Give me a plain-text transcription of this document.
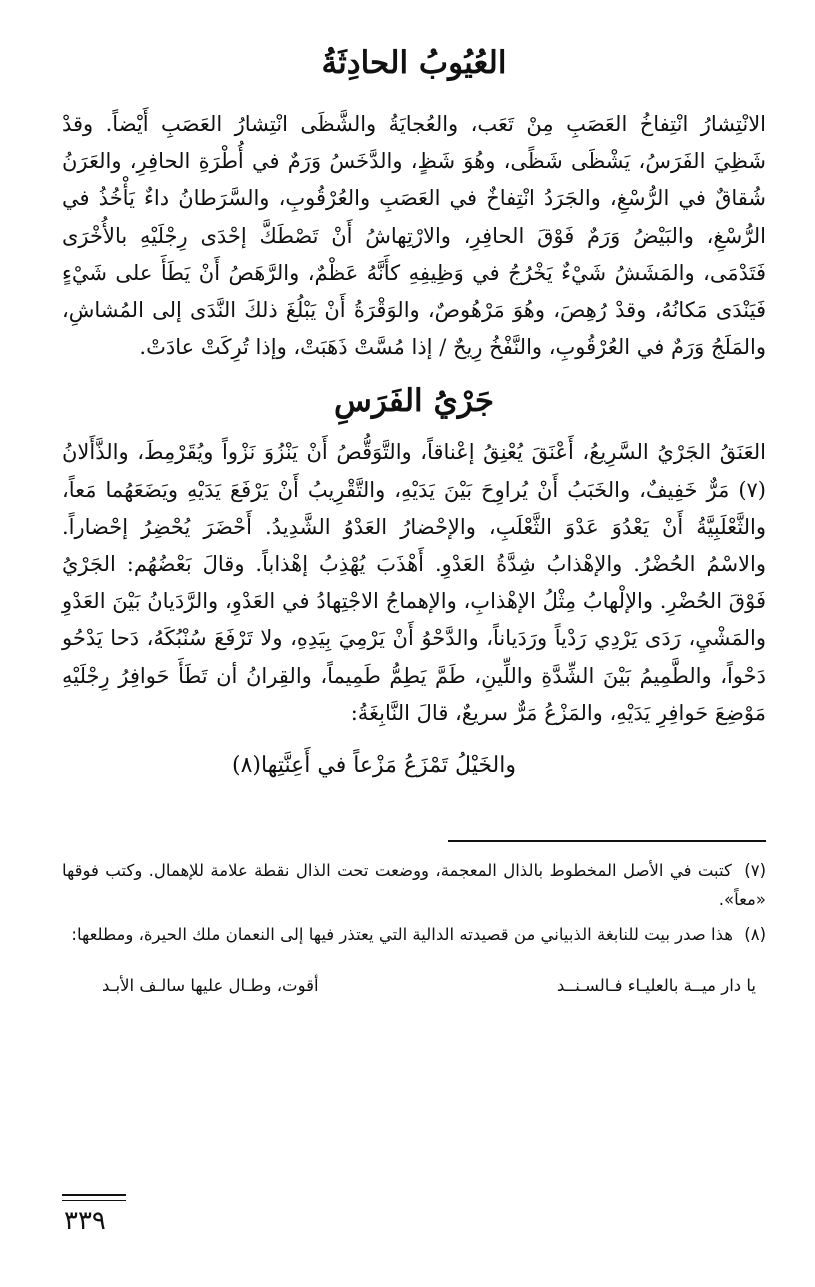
العُيُوبُ الحادِثَةُ

الانْتِشارُ انْتِفاخُ العَصَبِ مِنْ تَعَب، والعُجايَةُ والشَّظَى انْتِشارُ العَصَبِ أَيْضاً. وقدْ شَظِيَ الفَرَسُ، يَشْظَى شَظًى، وهُوَ شَظٍ، والدَّخَسُ وَرَمٌ في أُطْرَةِ الحافِرِ، والعَرَنُ شُقاقٌ في الرُّسْغِ، والجَرَدُ انْتِفاخٌ في العَصَبِ والعُرْقُوبِ، والسَّرَطانُ داءٌ يَأْخُذُ في الرُّسْغِ، والبَيْضُ وَرَمٌ فَوْقَ الحافِرِ، والارْتِهاشُ أَنْ تَصْطَكَّ إحْدَى رِجْلَيْهِ بالأُخْرَى فَتَدْمَى، والمَشَشُ شَيْءٌ يَخْرُجُ في وَظِيفِهِ كأَنَّهُ عَظْمٌ، والرَّهَصُ أَنْ يَطَأَ على شَيْءٍ فَيَنْدَى مَكانُهُ، وقدْ رُهِصَ، وهُوَ مَرْهُوصٌ، والوَقْرَةُ أَنْ يَبْلُغَ ذلكَ النَّدَى إلى المُشاشِ، والمَلَجُ وَرَمٌ في العُرْقُوبِ، والنَّفْخُ رِيحٌ / إذا مُسَّتْ ذَهَبَتْ، وإذا تُرِكَتْ عادَتْ.

جَرْيُ الفَرَسِ

العَنَقُ الجَرْيُ السَّرِيعُ، أَعْنَقَ يُعْنِقُ إعْناقاً، والتَّوَقُّصُ أَنْ يَنْزُوَ نَزْواً ويُقَرْمِطَ، والذَّأَلانُ (٧) مَرٌّ خَفِيفٌ، والخَبَبُ أَنْ يُراوِحَ بَيْنَ يَدَيْهِ، والتَّقْرِيبُ أَنْ يَرْفَعَ يَدَيْهِ ويَضَعَهُما مَعاً، والثَّعْلَبِيَّةُ أَنْ يَعْدُوَ عَدْوَ الثَّعْلَبِ، والإحْضارُ العَدْوُ الشَّدِيدُ. أَحْضَرَ يُحْضِرُ إحْضاراً. والاسْمُ الحُضْرُ. والإهْذابُ شِدَّةُ العَدْوِ. أَهْذَبَ يُهْذِبُ إهْذاباً. وقالَ بَعْضُهُم: الجَرْيُ فَوْقَ الحُضْرِ. والإلْهابُ مِثْلُ الإهْذابِ، والإهماجُ الاجْتِهادُ في العَدْوِ، والرَّدَيانُ بَيْنَ العَدْوِ والمَشْيِ، رَدَى يَرْدِي رَدْياً ورَدَياناً، والدَّحْوُ أَنْ يَرْمِيَ بِيَدِهِ، ولا تَرْفَعَ سُنْبُكَهُ، دَحا يَدْحُو دَحْواً، والطَّمِيمُ بَيْنَ الشِّدَّةِ واللِّينِ، طَمَّ يَطِمُّ طَمِيماً، والقِرانُ أن تَطَأَ حَوافِرُ رِجْلَيْهِ مَوْضِعَ حَوافِرِ يَدَيْهِ، والمَزْعُ مَرٌّ سريعٌ، قالَ النَّابِغَةُ:

والخَيْلُ تَمْزَعُ مَزْعاً في أَعِنَّتِها(٨)

(٧) كتبت في الأصل المخطوط بالذال المعجمة، ووضعت تحت الذال نقطة علامة للإهمال. وكتب فوقها «معاً».

(٨) هذا صدر بيت للنابغة الذبياني من قصيدته الدالية التي يعتذر فيها إلى النعمان ملك الحيرة، ومطلعها:

يا دار ميــة بالعليـاء فـالسـنــد
أقوت، وطـال عليها سالـف الأبـد
٣٣٩
